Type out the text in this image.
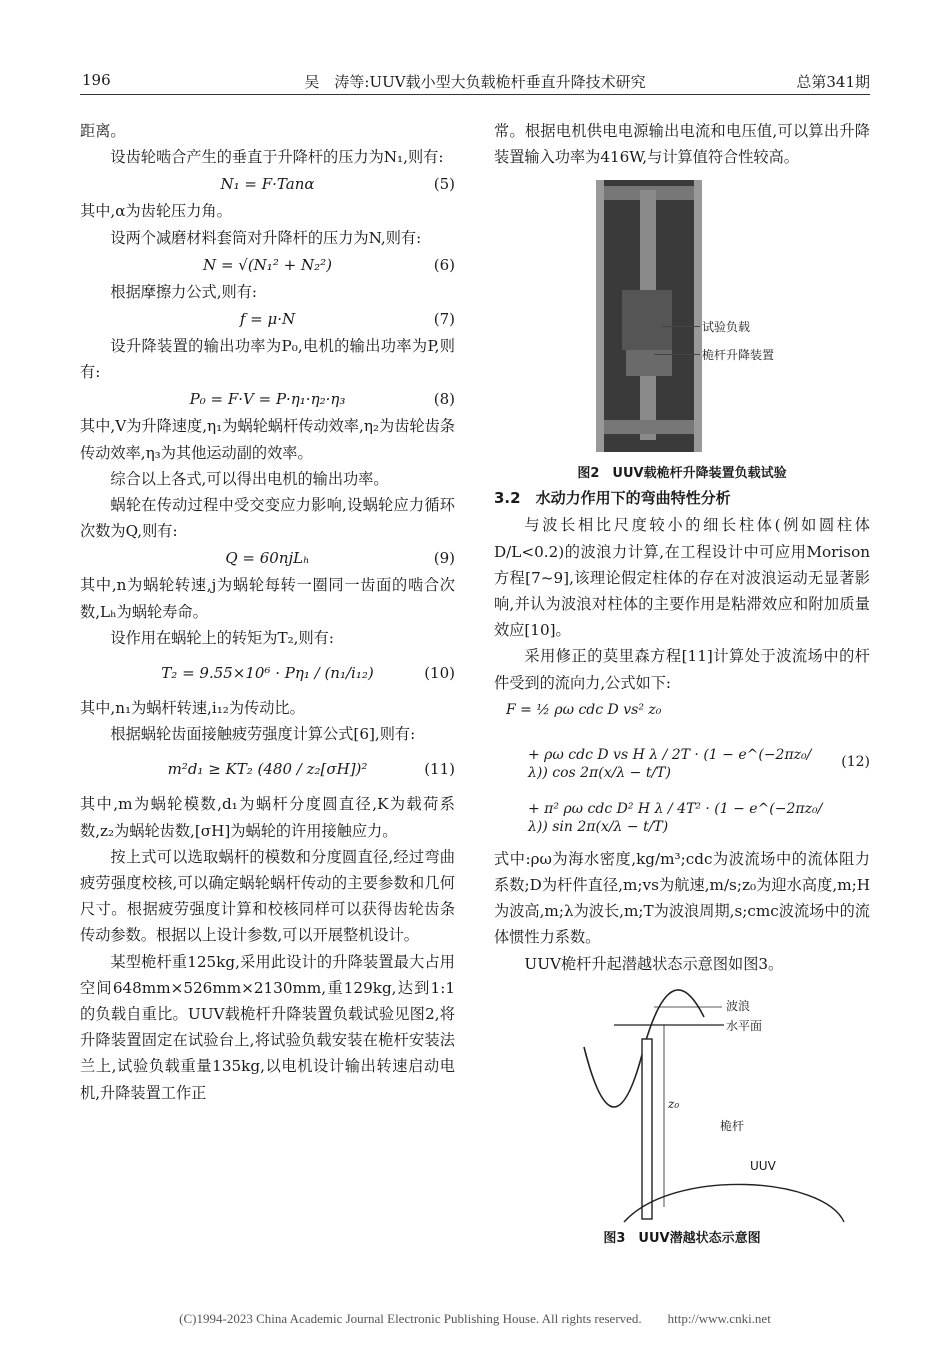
196	吴　涛等:UUV载小型大负载桅杆垂直升降技术研究	总第341期

距离。

设齿轮啮合产生的垂直于升降杆的压力为N₁,则有:

N₁ = F·Tanα	(5)

其中,α为齿轮压力角。

设两个减磨材料套筒对升降杆的压力为N,则有:

N = √(N₁² + N₂²)	(6)

根据摩擦力公式,则有:

f = μ·N	(7)

设升降装置的输出功率为P₀,电机的输出功率为P,则有:

P₀ = F·V = P·η₁·η₂·η₃	(8)

其中,V为升降速度,η₁为蜗轮蜗杆传动效率,η₂为齿轮齿条传动效率,η₃为其他运动副的效率。

综合以上各式,可以得出电机的输出功率。

蜗轮在传动过程中受交变应力影响,设蜗轮应力循环次数为Q,则有:

Q = 60njLₕ	(9)

其中,n为蜗轮转速,j为蜗轮每转一圈同一齿面的啮合次数,Lₕ为蜗轮寿命。

设作用在蜗轮上的转矩为T₂,则有:

T₂ = 9.55×10⁶ · Pη₁ / (n₁/i₁₂)	(10)

其中,n₁为蜗杆转速,i₁₂为传动比。

根据蜗轮齿面接触疲劳强度计算公式[6],则有:

m²d₁ ≥ KT₂ (480 / z₂[σH])²	(11)

其中,m为蜗轮模数,d₁为蜗杆分度圆直径,K为载荷系数,z₂为蜗轮齿数,[σH]为蜗轮的许用接触应力。

按上式可以选取蜗杆的模数和分度圆直径,经过弯曲疲劳强度校核,可以确定蜗轮蜗杆传动的主要参数和几何尺寸。根据疲劳强度计算和校核同样可以获得齿轮齿条传动参数。根据以上设计参数,可以开展整机设计。

某型桅杆重125kg,采用此设计的升降装置最大占用空间648mm×526mm×2130mm,重129kg,达到1:1的负载自重比。UUV载桅杆升降装置负载试验见图2,将升降装置固定在试验台上,将试验负载安装在桅杆安装法兰上,试验负载重量135kg,以电机设计输出转速启动电机,升降装置工作正

常。根据电机供电电源输出电流和电压值,可以算出升降装置输入功率为416W,与计算值符合性较高。

试验负载
桅杆升降装置
图2　UUV载桅杆升降装置负载试验
3.2　水动力作用下的弯曲特性分析

与波长相比尺度较小的细长柱体(例如圆柱体D/L<0.2)的波浪力计算,在工程设计中可应用Morison方程[7~9],该理论假定柱体的存在对波浪运动无显著影响,并认为波浪对柱体的主要作用是粘滞效应和附加质量效应[10]。

采用修正的莫里森方程[11]计算处于波流场中的杆件受到的流向力,公式如下:

F = ½ ρω cdc D vs² z₀
+ ρω cdc D vs H λ / 2T · (1 − e^(−2πz₀/λ)) cos 2π(x/λ − t/T)
+ π² ρω cdc D² H λ / 4T² · (1 − e^(−2πz₀/λ)) sin 2π(x/λ − t/T)
(12)

式中:ρω为海水密度,kg/m³;cdc为波流场中的流体阻力系数;D为杆件直径,m;vs为航速,m/s;z₀为迎水高度,m;H为波高,m;λ为波长,m;T为波浪周期,s;cmc波流场中的流体惯性力系数。

UUV桅杆升起潜越状态示意图如图3。

波浪
水平面
z₀
桅杆
UUV
图3　UUV潜越状态示意图
(C)1994-2023 China Academic Journal Electronic Publishing House. All rights reserved.　　http://www.cnki.net
